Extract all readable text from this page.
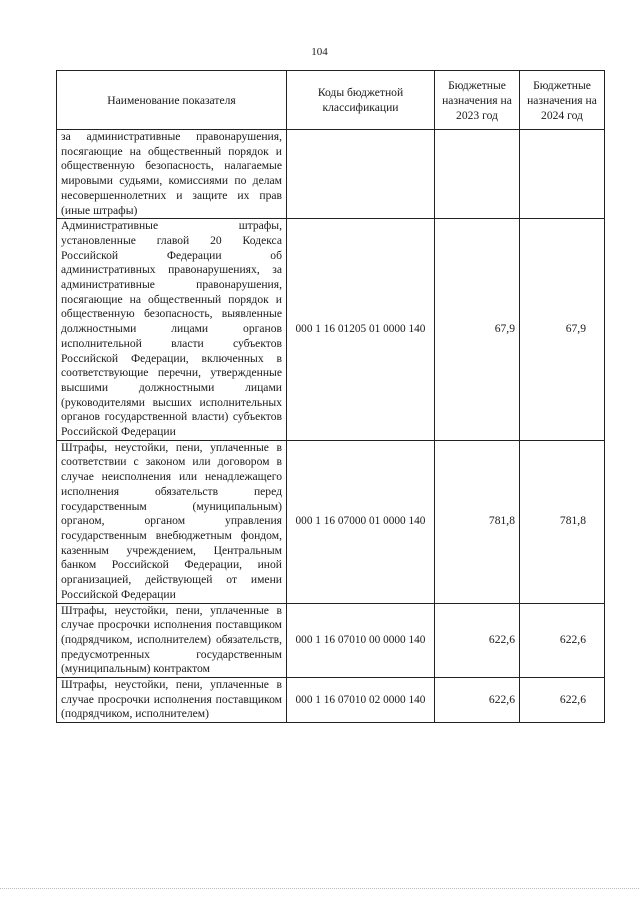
104
Наименование показателя	Коды бюджетной классификации	Бюджетные назначения на 2023 год	Бюджетные назначения на 2024 год
за административные правонарушения, посягающие на общественный порядок и общественную безопасность, налагаемые мировыми судьями, комиссиями по делам несовершеннолетних и защите их прав (иные штрафы)			
Административные штрафы, установленные главой 20 Кодекса Российской Федерации об административных правонарушениях, за административные правонарушения, посягающие на общественный порядок и общественную безопасность, выявленные должностными лицами органов исполнительной власти субъектов Российской Федерации, включенных в соответствующие перечни, утвержденные высшими должностными лицами (руководителями высших исполнительных органов государственной власти) субъектов Российской Федерации	000 1 16 01205 01 0000 140	67,9	67,9
Штрафы, неустойки, пени, уплаченные в соответствии с законом или договором в случае неисполнения или ненадлежащего исполнения обязательств перед государственным (муниципальным) органом, органом управления государственным внебюджетным фондом, казенным учреждением, Центральным банком Российской Федерации, иной организацией, действующей от имени Российской Федерации	000 1 16 07000 01 0000 140	781,8	781,8
Штрафы, неустойки, пени, уплаченные в случае просрочки исполнения поставщиком (подрядчиком, исполнителем) обязательств, предусмотренных государственным (муниципальным) контрактом	000 1 16 07010 00 0000 140	622,6	622,6
Штрафы, неустойки, пени, уплаченные в случае просрочки исполнения поставщиком (подрядчиком, исполнителем)	000 1 16 07010 02 0000 140	622,6	622,6
